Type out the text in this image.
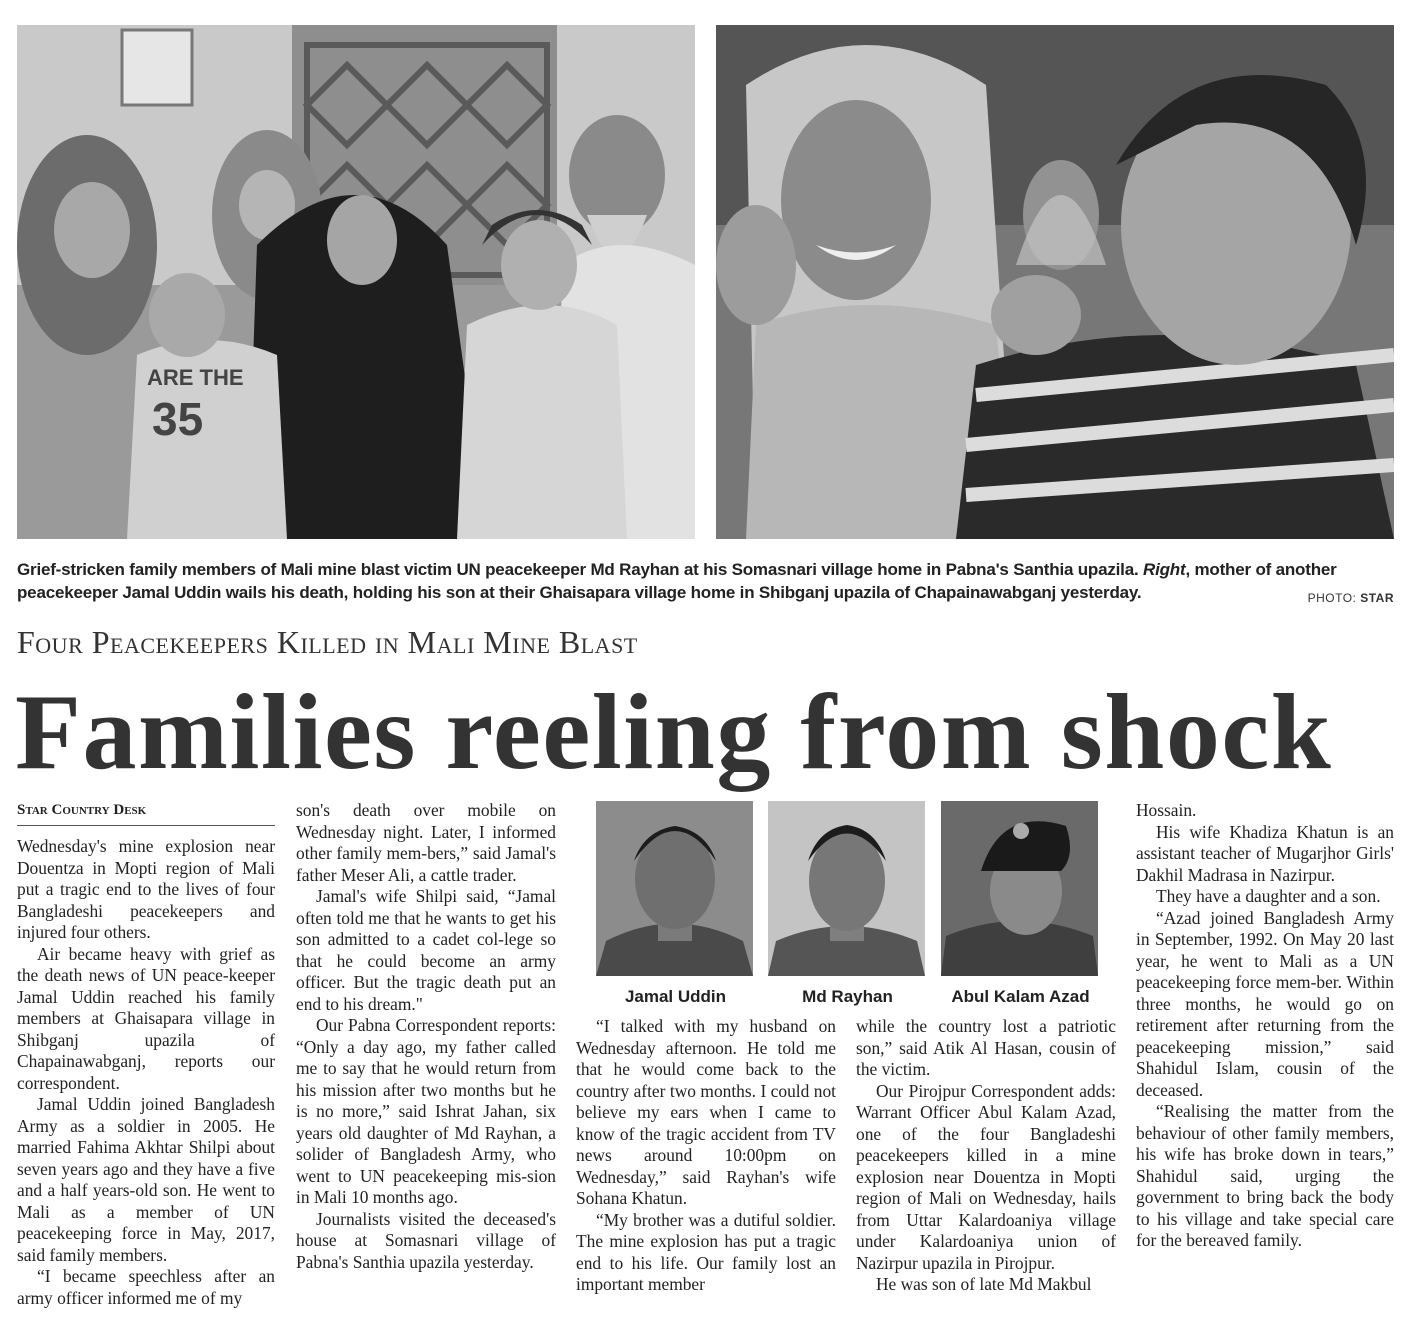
ARE THE
35
Grief-stricken family members of Mali mine blast victim UN peacekeeper Md Rayhan at his Somasnari village home in Pabna's Santhia upazila. Right, mother of another peacekeeper Jamal Uddin wails his death, holding his son at their Ghaisapara village home in Shibganj upazila of Chapainawabganj yesterday.	PHOTO: STAR
Four Peacekeepers Killed in Mali Mine Blast
Families reeling from shock
Star Country Desk

Wednesday's mine explosion near Douentza in Mopti region of Mali put a tragic end to the lives of four Bangladeshi peacekeepers and injured four others.

Air became heavy with grief as the death news of UN peace-keeper Jamal Uddin reached his family members at Ghaisapara village in Shibganj upazila of Chapainawabganj, reports our correspondent.

Jamal Uddin joined Bangladesh Army as a soldier in 2005. He married Fahima Akhtar Shilpi about seven years ago and they have a five and a half years-old son. He went to Mali as a member of UN peacekeeping force in May, 2017, said family members.

“I became speechless after an army officer informed me of my

son's death over mobile on Wednesday night. Later, I informed other family mem-bers,” said Jamal's father Meser Ali, a cattle trader.

Jamal's wife Shilpi said, “Jamal often told me that he wants to get his son admitted to a cadet col-lege so that he could become an army officer. But the tragic death put an end to his dream."

Our Pabna Correspondent reports: “Only a day ago, my father called me to say that he would return from his mission after two months but he is no more,” said Ishrat Jahan, six years old daughter of Md Rayhan, a solider of Bangladesh Army, who went to UN peacekeeping mis-sion in Mali 10 months ago.

Journalists visited the deceased's house at Somasnari village of Pabna's Santhia upazila yesterday.

Jamal Uddin	Md Rayhan	Abul Kalam Azad

“I talked with my husband on Wednesday afternoon. He told me that he would come back to the country after two months. I could not believe my ears when I came to know of the tragic accident from TV news around 10:00pm on Wednesday,” said Rayhan's wife Sohana Khatun.

“My brother was a dutiful soldier. The mine explosion has put a tragic end to his life. Our family lost an important member

while the country lost a patriotic son,” said Atik Al Hasan, cousin of the victim.

Our Pirojpur Correspondent adds: Warrant Officer Abul Kalam Azad, one of the four Bangladeshi peacekeepers killed in a mine explosion near Douentza in Mopti region of Mali on Wednesday, hails from Uttar Kalardoaniya village under Kalardoaniya union of Nazirpur upazila in Pirojpur.

He was son of late Md Makbul

Hossain.

His wife Khadiza Khatun is an assistant teacher of Mugarjhor Girls' Dakhil Madrasa in Nazirpur.

They have a daughter and a son.

“Azad joined Bangladesh Army in September, 1992. On May 20 last year, he went to Mali as a UN peacekeeping force mem-ber. Within three months, he would go on retirement after returning from the peacekeeping mission,” said Shahidul Islam, cousin of the deceased.

“Realising the matter from the behaviour of other family members, his wife has broke down in tears,” Shahidul said, urging the government to bring back the body to his village and take special care for the bereaved family.
